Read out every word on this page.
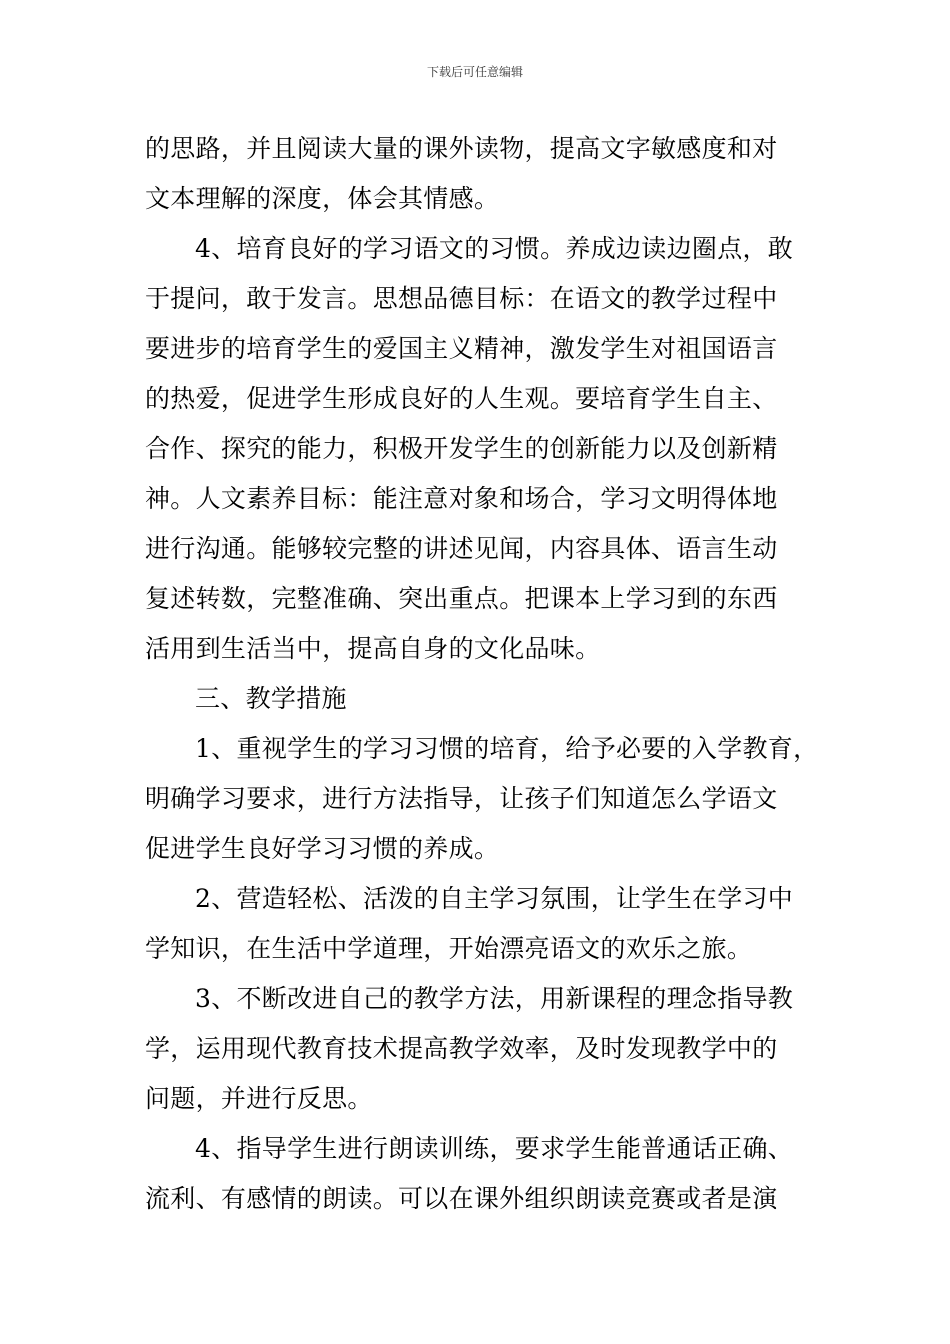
下载后可任意编辑
的思路，并且阅读大量的课外读物，提高文字敏感度和对
文本理解的深度，体会其情感。
4、培育良好的学习语文的习惯。养成边读边圈点，敢
于提问，敢于发言。思想品德目标：在语文的教学过程中
要进步的培育学生的爱国主义精神，激发学生对祖国语言
的热爱，促进学生形成良好的人生观。要培育学生自主、
合作、探究的能力，积极开发学生的创新能力以及创新精
神。人文素养目标：能注意对象和场合，学习文明得体地
进行沟通。能够较完整的讲述见闻，内容具体、语言生动
复述转数，完整准确、突出重点。把课本上学习到的东西
活用到生活当中，提高自身的文化品味。
三、教学措施
1、重视学生的学习习惯的培育，给予必要的入学教育，
明确学习要求，进行方法指导，让孩子们知道怎么学语文
促进学生良好学习习惯的养成。
2、营造轻松、活泼的自主学习氛围，让学生在学习中
学知识，在生活中学道理，开始漂亮语文的欢乐之旅。
3、不断改进自己的教学方法，用新课程的理念指导教
学，运用现代教育技术提高教学效率，及时发现教学中的
问题，并进行反思。
4、指导学生进行朗读训练，要求学生能普通话正确、
流利、有感情的朗读。可以在课外组织朗读竞赛或者是演
